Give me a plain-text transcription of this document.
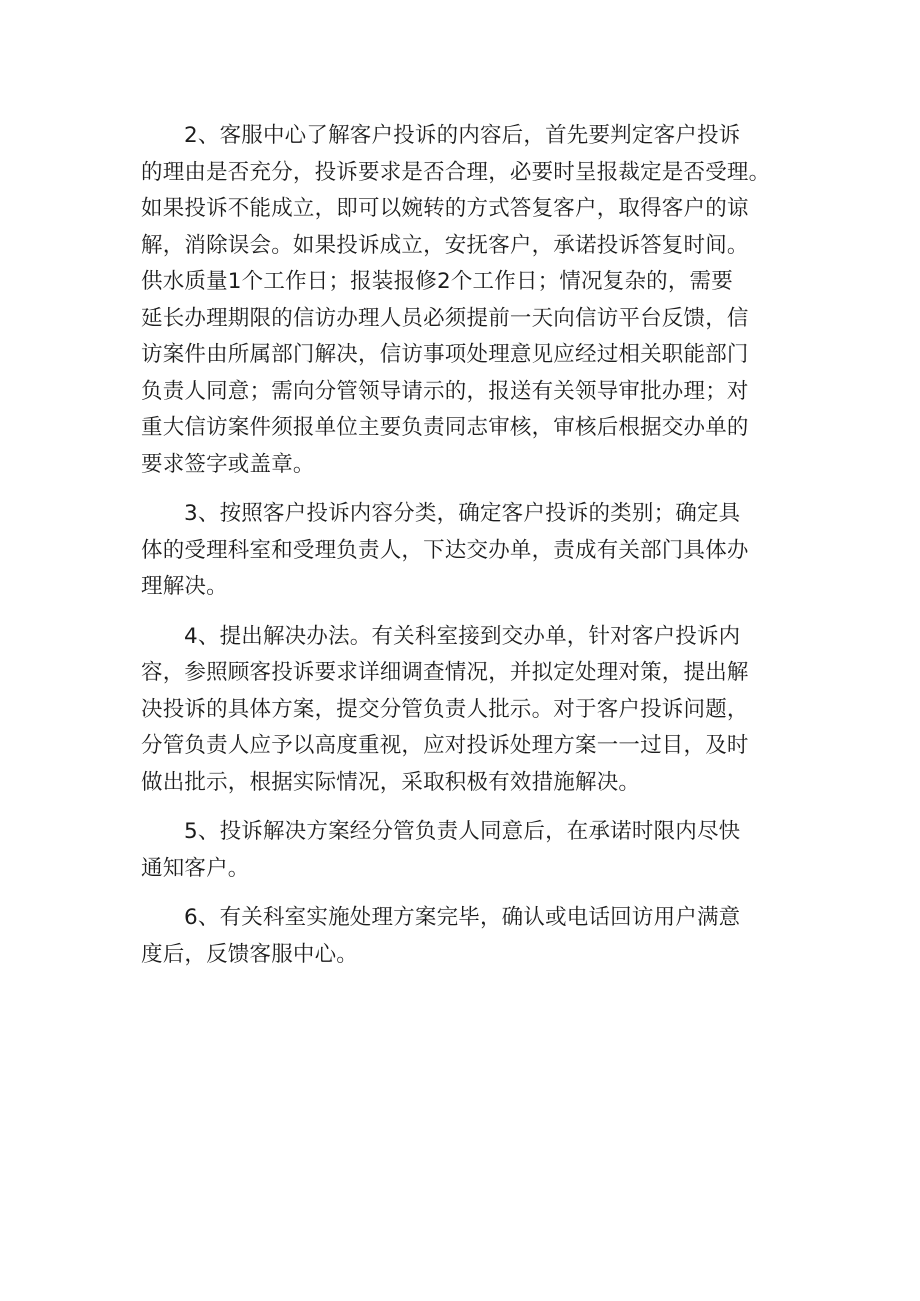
2、客服中心了解客户投诉的内容后，首先要判定客户投诉
的理由是否充分，投诉要求是否合理，必要时呈报裁定是否受理。
如果投诉不能成立，即可以婉转的方式答复客户，取得客户的谅
解，消除误会。如果投诉成立，安抚客户，承诺投诉答复时间。
供水质量1个工作日；报装报修2个工作日；情况复杂的，需要
延长办理期限的信访办理人员必须提前一天向信访平台反馈，信
访案件由所属部门解决，信访事项处理意见应经过相关职能部门
负责人同意；需向分管领导请示的，报送有关领导审批办理；对
重大信访案件须报单位主要负责同志审核，审核后根据交办单的
要求签字或盖章。

3、按照客户投诉内容分类，确定客户投诉的类别；确定具
体的受理科室和受理负责人，下达交办单，责成有关部门具体办
理解决。

4、提出解决办法。有关科室接到交办单，针对客户投诉内
容，参照顾客投诉要求详细调查情况，并拟定处理对策，提出解
决投诉的具体方案，提交分管负责人批示。对于客户投诉问题，
分管负责人应予以高度重视，应对投诉处理方案一一过目，及时
做出批示，根据实际情况，采取积极有效措施解决。

5、投诉解决方案经分管负责人同意后，在承诺时限内尽快
通知客户。

6、有关科室实施处理方案完毕，确认或电话回访用户满意
度后，反馈客服中心。
